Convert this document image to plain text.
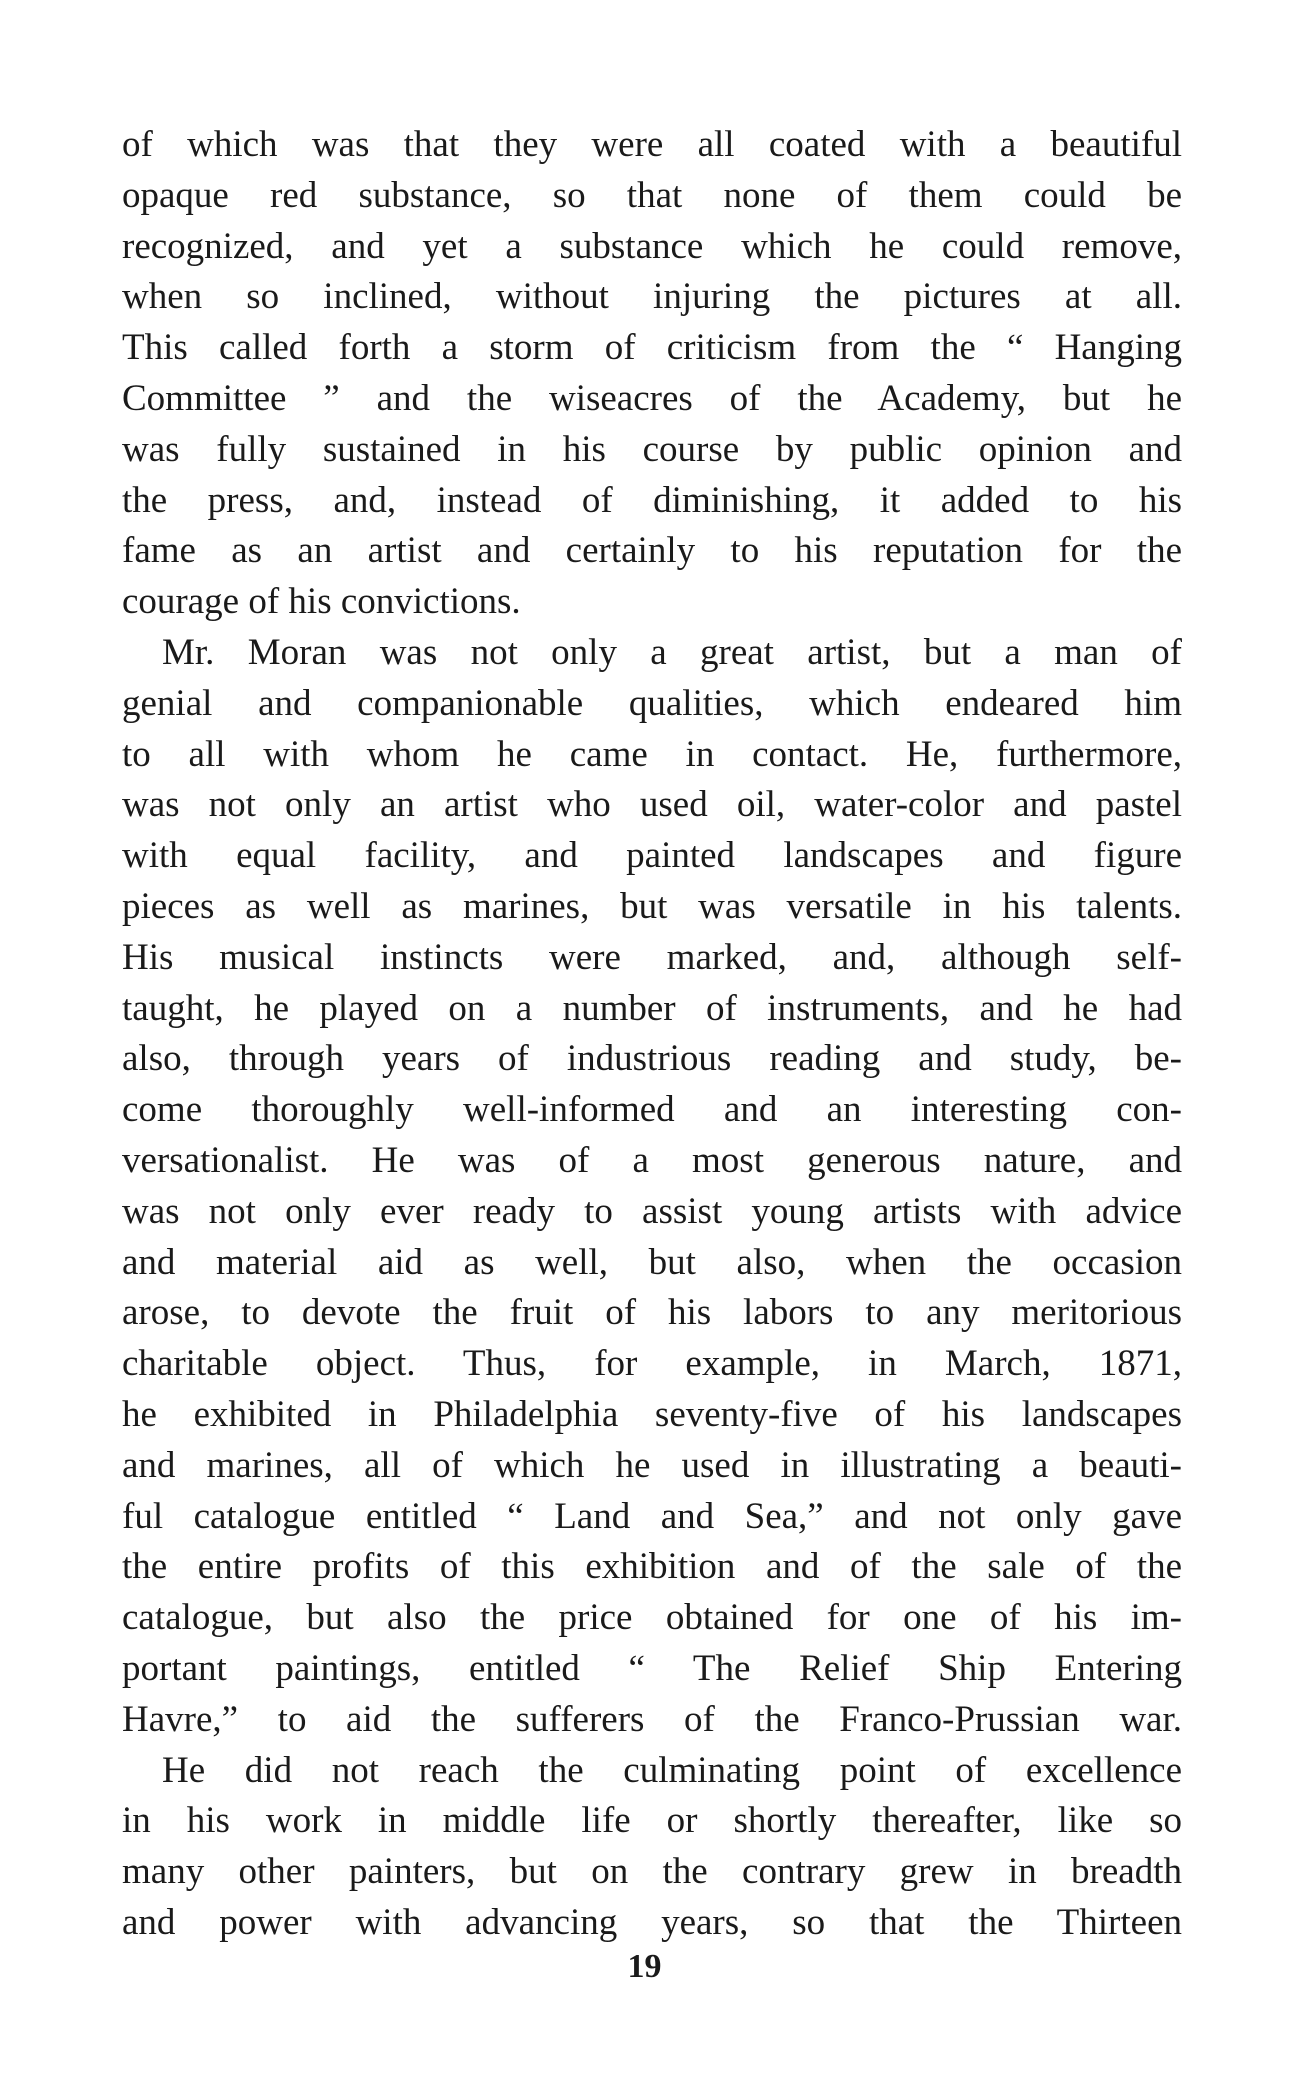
of which was that they were all coated with a beautiful
opaque red substance, so that none of them could be
recognized, and yet a substance which he could remove,
when so inclined, without injuring the pictures at all.
This called forth a storm of criticism from the “ Hanging
Committee ” and the wiseacres of the Academy, but he
was fully sustained in his course by public opinion and
the press, and, instead of diminishing, it added to his
fame as an artist and certainly to his reputation for the
courage of his convictions.
Mr. Moran was not only a great artist, but a man of
genial and companionable qualities, which endeared him
to all with whom he came in contact. He, furthermore,
was not only an artist who used oil, water-color and pastel
with equal facility, and painted landscapes and figure
pieces as well as marines, but was versatile in his talents.
His musical instincts were marked, and, although self-
taught, he played on a number of instruments, and he had
also, through years of industrious reading and study, be-
come thoroughly well-informed and an interesting con-
versationalist. He was of a most generous nature, and
was not only ever ready to assist young artists with advice
and material aid as well, but also, when the occasion
arose, to devote the fruit of his labors to any meritorious
charitable object. Thus, for example, in March, 1871,
he exhibited in Philadelphia seventy-five of his landscapes
and marines, all of which he used in illustrating a beauti-
ful catalogue entitled “ Land and Sea,” and not only gave
the entire profits of this exhibition and of the sale of the
catalogue, but also the price obtained for one of his im-
portant paintings, entitled “ The Relief Ship Entering
Havre,” to aid the sufferers of the Franco-Prussian war.
He did not reach the culminating point of excellence
in his work in middle life or shortly thereafter, like so
many other painters, but on the contrary grew in breadth
and power with advancing years, so that the Thirteen
19
